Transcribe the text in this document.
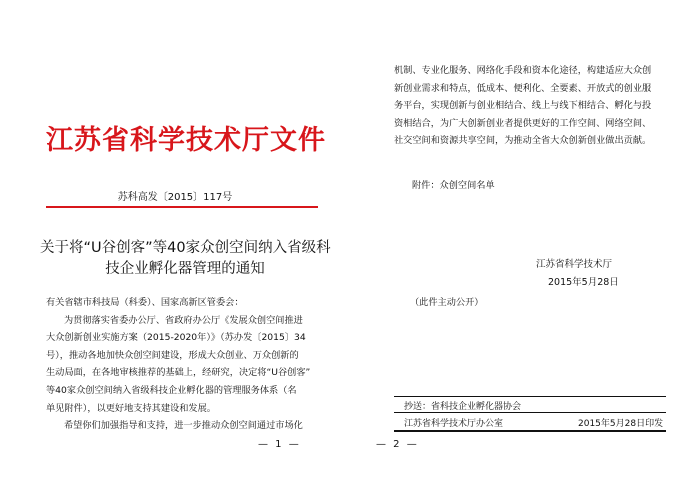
江苏省科学技术厅文件
苏科高发〔2015〕117号
关于将“U谷创客”等40家众创空间纳入省级科
技企业孵化器管理的通知
有关省辖市科技局（科委）、国家高新区管委会：
为贯彻落实省委办公厅、省政府办公厅《发展众创空间推进
大众创新创业实施方案（2015-2020年）》（苏办发〔2015〕34
号），推动各地加快众创空间建设，形成大众创业、万众创新的
生动局面，在各地审核推荐的基础上，经研究，决定将“U谷创客”
等40家众创空间纳入省级科技企业孵化器的管理服务体系（名
单见附件），以更好地支持其建设和发展。
希望你们加强指导和支持，进一步推动众创空间通过市场化
— 1 —
机制、专业化服务、网络化手段和资本化途径，构建适应大众创
新创业需求和特点，低成本、便利化、全要素、开放式的创业服
务平台，实现创新与创业相结合、线上与线下相结合、孵化与投
资相结合，为广大创新创业者提供更好的工作空间、网络空间、
社交空间和资源共享空间，为推动全省大众创新创业做出贡献。
附件：众创空间名单
江苏省科学技术厅
2015年5月28日
（此件主动公开）
抄送：省科技企业孵化器协会
江苏省科学技术厅办公室	2015年5月28日印发
— 2 —
